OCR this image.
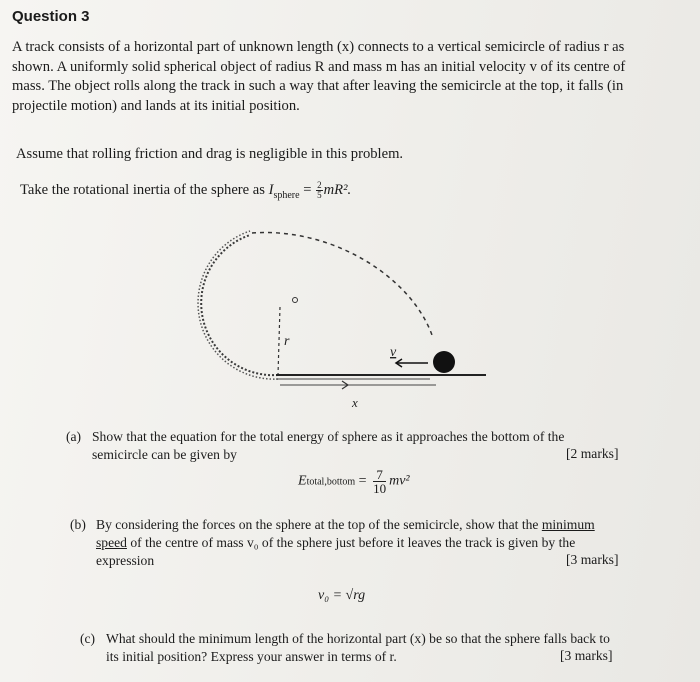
Question 3
A track consists of a horizontal part of unknown length (x) connects to a vertical semicircle of radius r as shown. A uniformly solid spherical object of radius R and mass m has an initial velocity v of its centre of mass. The object rolls along the track in such a way that after leaving the semicircle at the top, it falls (in projectile motion) and lands at its initial position.
Assume that rolling friction and drag is negligible in this problem.
Take the rotational inertia of the sphere as $I_{sphere} = \frac{2}{5} mR^2$.
r
x
v
(a) Show that the equation for the total energy of sphere as it approaches the bottom of the semicircle can be given by	[2 marks]
Etotal,bottom = $\frac{7}{10} mv^2$
(b) By considering the forces on the sphere at the top of the semicircle, show that the minimum speed of the centre of mass v₀ of the sphere just before it leaves the track is given by the expression	[3 marks]
v₀ = √rg
(c) What should the minimum length of the horizontal part (x) be so that the sphere falls back to its initial position? Express your answer in terms of r.	[3 marks]
